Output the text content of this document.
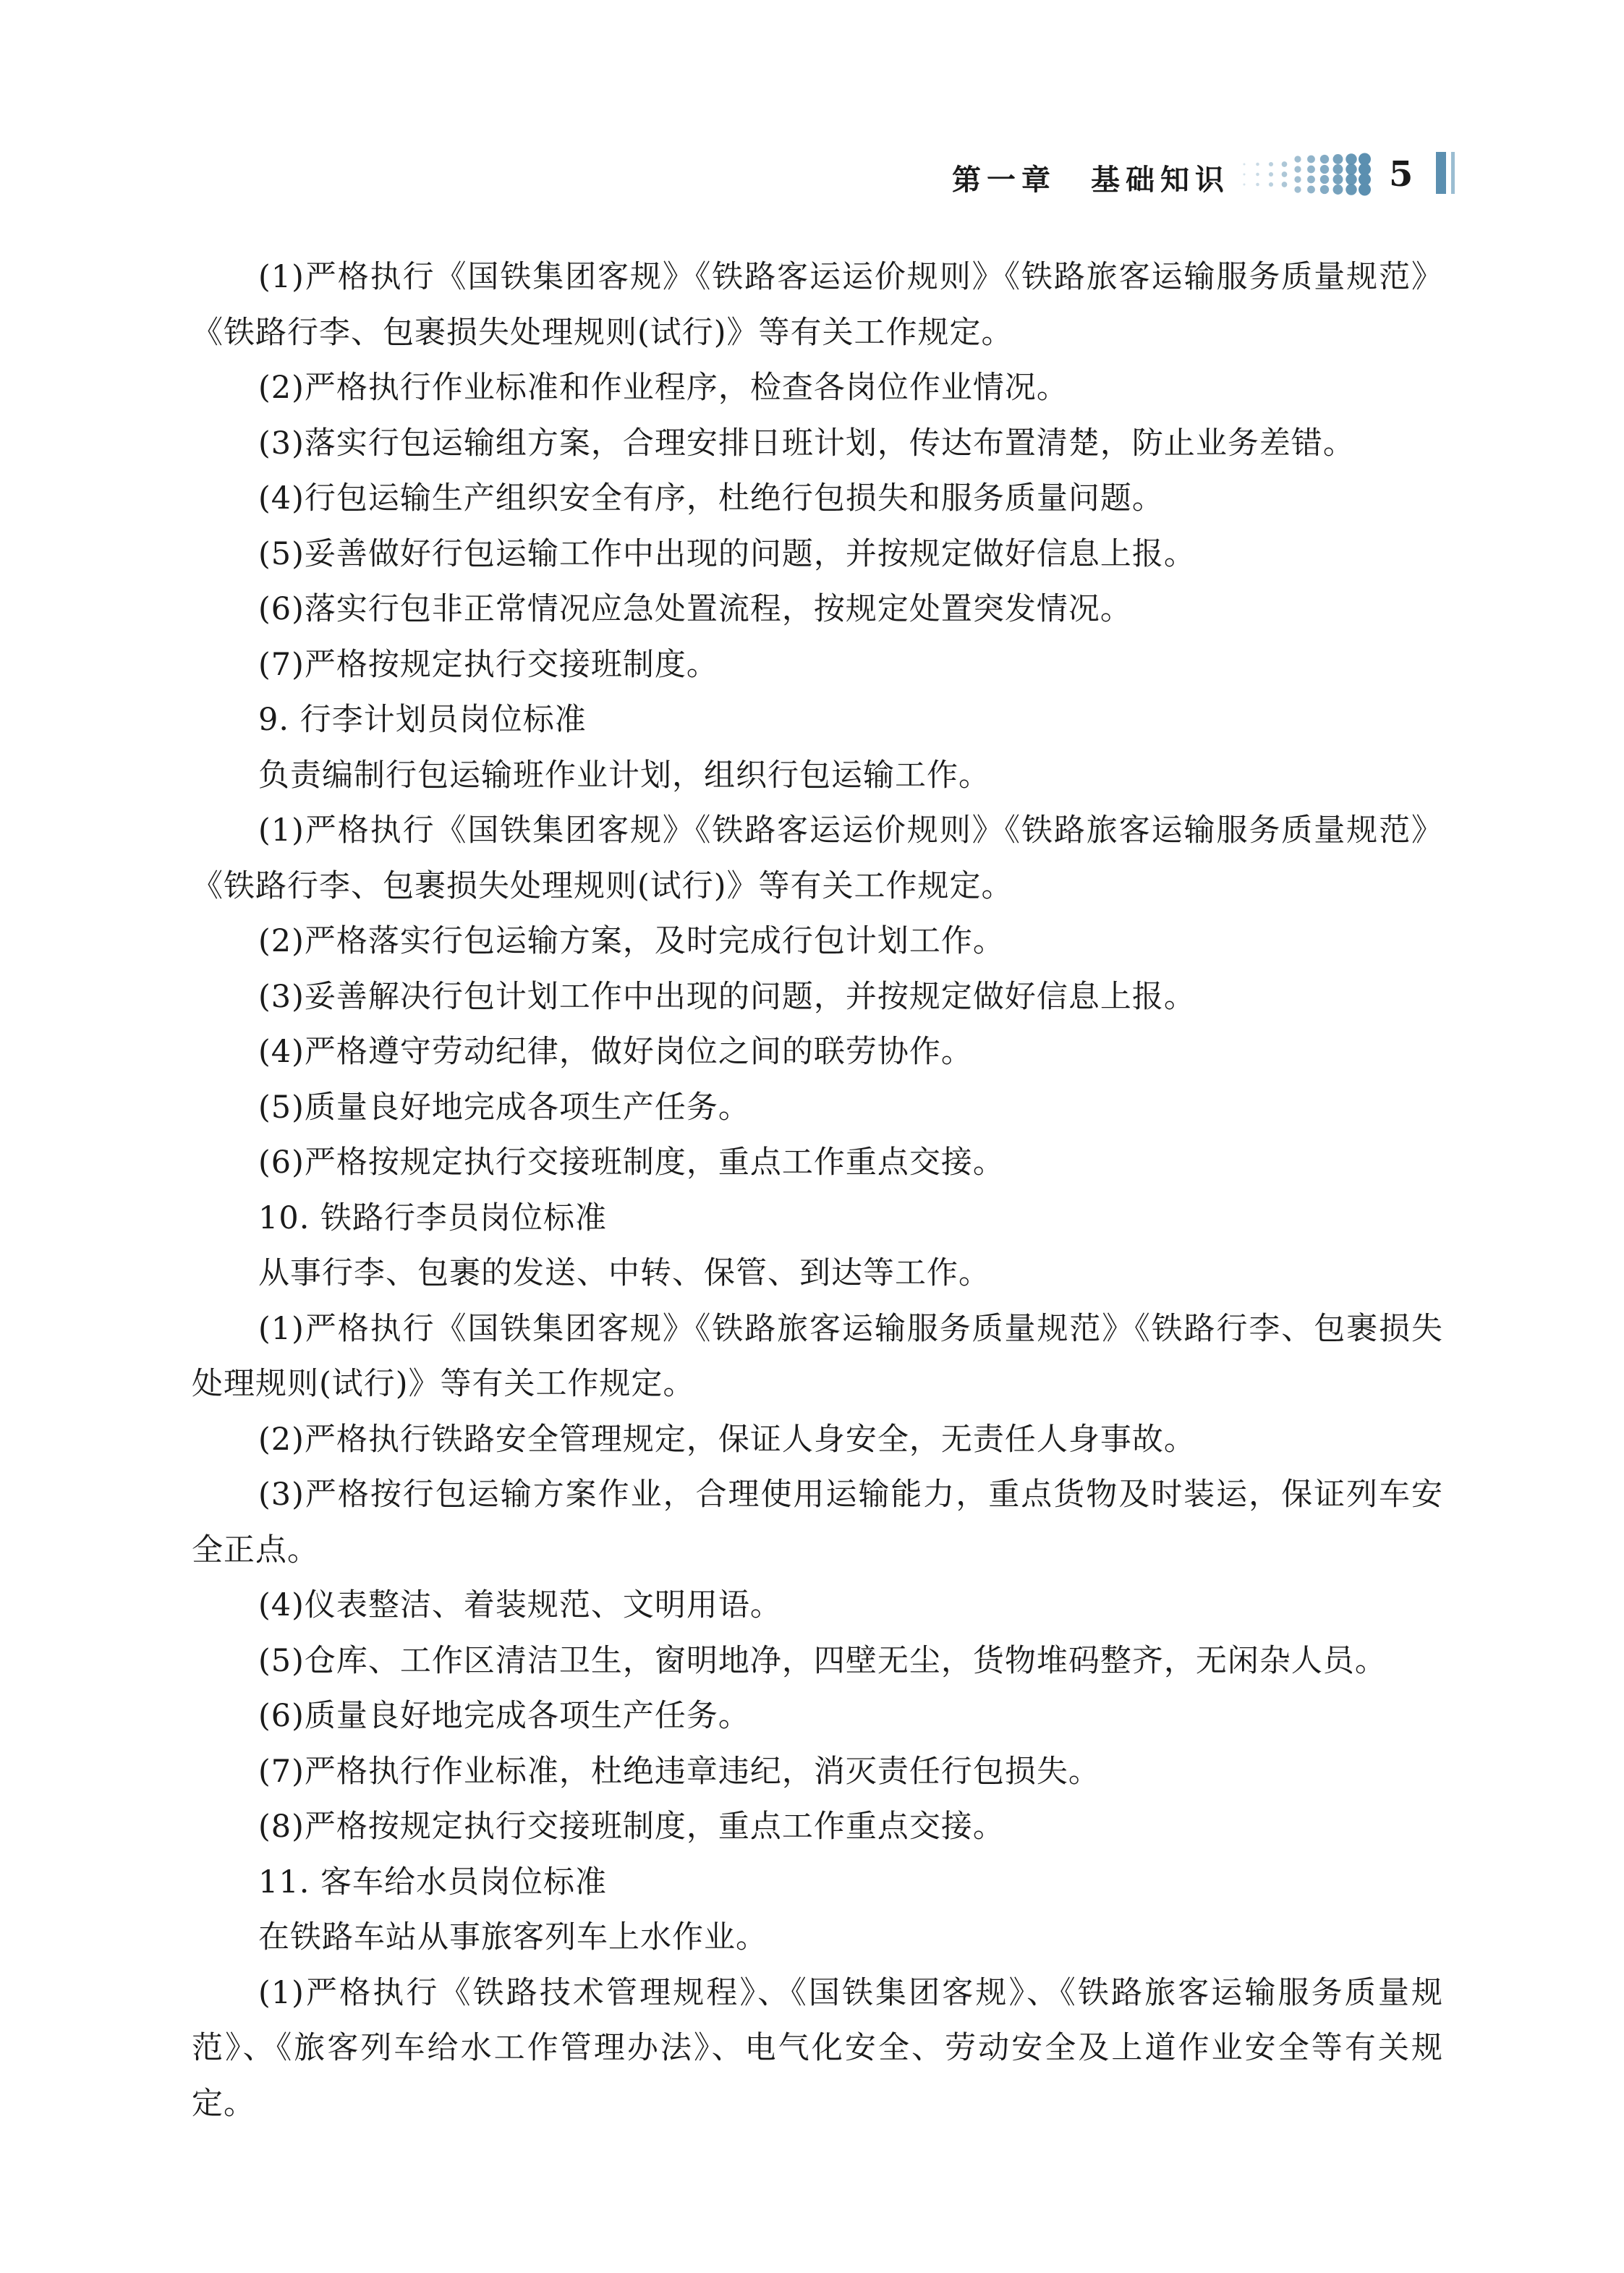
第一章　基础知识	5

(1)严格执行《国铁集团客规》《铁路客运运价规则》《铁路旅客运输服务质量规范》《铁路行李、包裹损失处理规则(试行)》等有关工作规定。

(2)严格执行作业标准和作业程序，检查各岗位作业情况。

(3)落实行包运输组方案，合理安排日班计划，传达布置清楚，防止业务差错。

(4)行包运输生产组织安全有序，杜绝行包损失和服务质量问题。

(5)妥善做好行包运输工作中出现的问题，并按规定做好信息上报。

(6)落实行包非正常情况应急处置流程，按规定处置突发情况。

(7)严格按规定执行交接班制度。

9. 行李计划员岗位标准

负责编制行包运输班作业计划，组织行包运输工作。

(1)严格执行《国铁集团客规》《铁路客运运价规则》《铁路旅客运输服务质量规范》《铁路行李、包裹损失处理规则(试行)》等有关工作规定。

(2)严格落实行包运输方案，及时完成行包计划工作。

(3)妥善解决行包计划工作中出现的问题，并按规定做好信息上报。

(4)严格遵守劳动纪律，做好岗位之间的联劳协作。

(5)质量良好地完成各项生产任务。

(6)严格按规定执行交接班制度，重点工作重点交接。

10. 铁路行李员岗位标准

从事行李、包裹的发送、中转、保管、到达等工作。

(1)严格执行《国铁集团客规》《铁路旅客运输服务质量规范》《铁路行李、包裹损失处理规则(试行)》等有关工作规定。

(2)严格执行铁路安全管理规定，保证人身安全，无责任人身事故。

(3)严格按行包运输方案作业，合理使用运输能力，重点货物及时装运，保证列车安全正点。

(4)仪表整洁、着装规范、文明用语。

(5)仓库、工作区清洁卫生，窗明地净，四壁无尘，货物堆码整齐，无闲杂人员。

(6)质量良好地完成各项生产任务。

(7)严格执行作业标准，杜绝违章违纪，消灭责任行包损失。

(8)严格按规定执行交接班制度，重点工作重点交接。

11. 客车给水员岗位标准

在铁路车站从事旅客列车上水作业。

(1)严格执行《铁路技术管理规程》、《国铁集团客规》、《铁路旅客运输服务质量规范》、《旅客列车给水工作管理办法》、电气化安全、劳动安全及上道作业安全等有关规定。
